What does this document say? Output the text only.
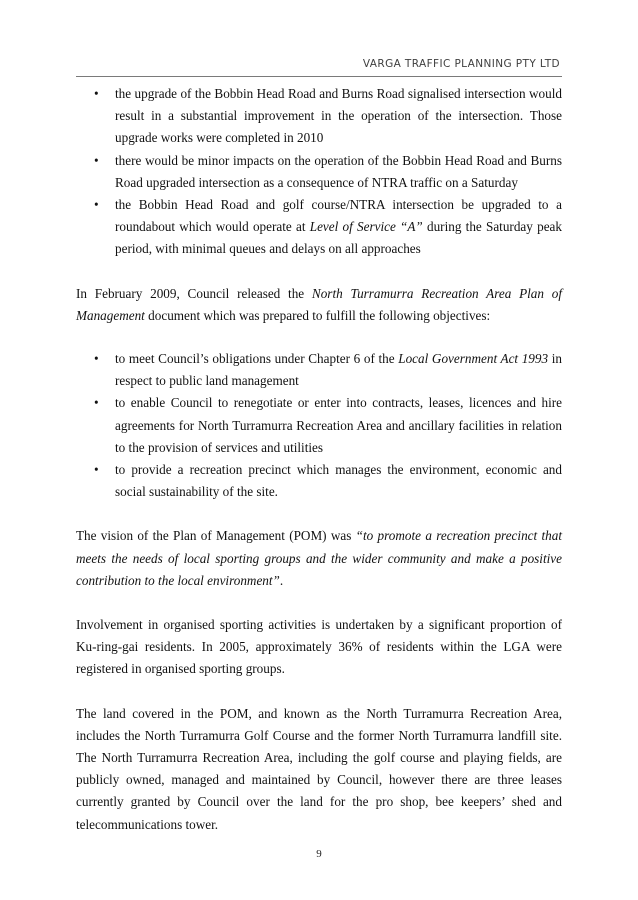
VARGA TRAFFIC PLANNING PTY LTD
• the upgrade of the Bobbin Head Road and Burns Road signalised intersection would result in a substantial improvement in the operation of the intersection. Those upgrade works were completed in 2010
• there would be minor impacts on the operation of the Bobbin Head Road and Burns Road upgraded intersection as a consequence of NTRA traffic on a Saturday
• the Bobbin Head Road and golf course/NTRA intersection be upgraded to a roundabout which would operate at Level of Service “A” during the Saturday peak period, with minimal queues and delays on all approaches

In February 2009, Council released the North Turramurra Recreation Area Plan of Management document which was prepared to fulfill the following objectives:

• to meet Council’s obligations under Chapter 6 of the Local Government Act 1993 in respect to public land management
• to enable Council to renegotiate or enter into contracts, leases, licences and hire agreements for North Turramurra Recreation Area and ancillary facilities in relation to the provision of services and utilities
• to provide a recreation precinct which manages the environment, economic and social sustainability of the site.

The vision of the Plan of Management (POM) was “to promote a recreation precinct that meets the needs of local sporting groups and the wider community and make a positive contribution to the local environment”.

Involvement in organised sporting activities is undertaken by a significant proportion of Ku-ring-gai residents. In 2005, approximately 36% of residents within the LGA were registered in organised sporting groups.

The land covered in the POM, and known as the North Turramurra Recreation Area, includes the North Turramurra Golf Course and the former North Turramurra landfill site. The North Turramurra Recreation Area, including the golf course and playing fields, are publicly owned, managed and maintained by Council, however there are three leases currently granted by Council over the land for the pro shop, bee keepers’ shed and telecommunications tower.

9
